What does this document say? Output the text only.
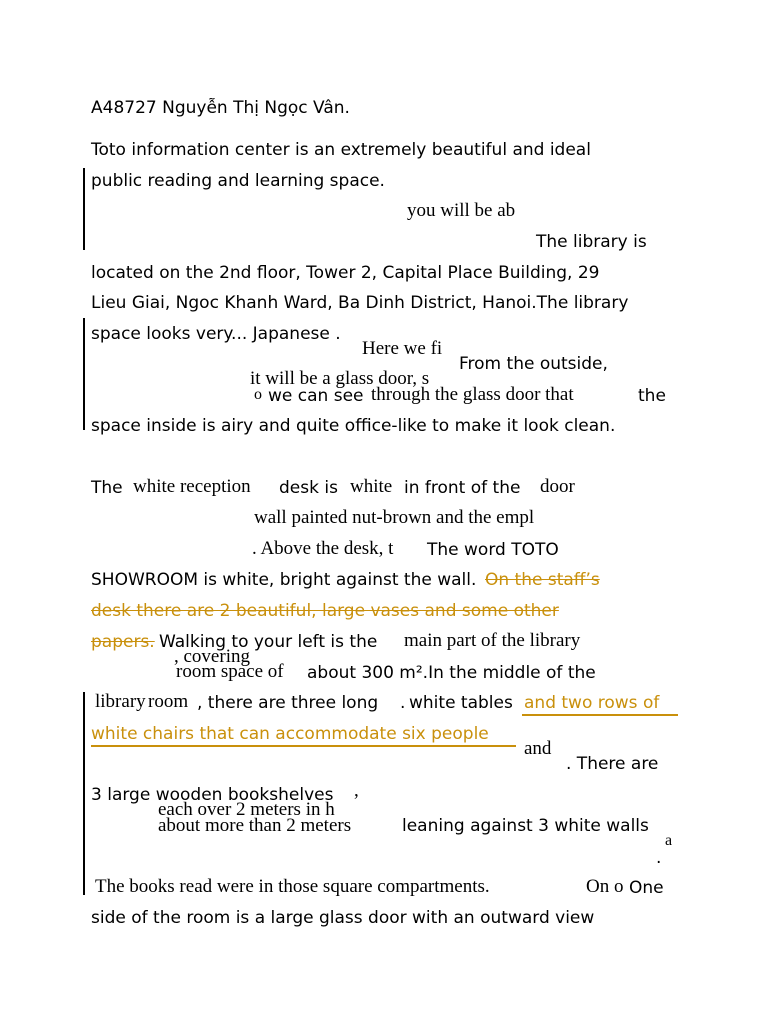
A48727 Nguyễn Thị Ngọc Vân.
Toto information center is an extremely beautiful and ideal
public reading and learning space.
you will be ab
The library is
located on the 2nd floor, Tower 2, Capital Place Building, 29
Lieu Giai, Ngoc Khanh Ward, Ba Dinh District, Hanoi.The library
space looks very... Japanese .
Here we fi
From the outside,
it will be a glass door, s
o we can see through the glass door that	the
space inside is airy and quite office-like to make it look clean.
The white reception desk is white in front of the door
wall painted nut-brown and the empl
. Above the desk, t The word TOTO
SHOWROOM is white, bright against the wall. On the staff’s
desk there are 2 beautiful, large vases and some other
papers. Walking to your left is the main part of the library
, covering
room space of about 300 m².In the middle of the
library room , there are three long . white tables and two rows of
white chairs that can accommodate six people
and
. There are
3 large wooden bookshelves ,
each over 2 meters in h
about more than 2 meters	leaning against 3 white walls
a
.
The books read were in those square compartments.	On o One
side of the room is a large glass door with an outward view
